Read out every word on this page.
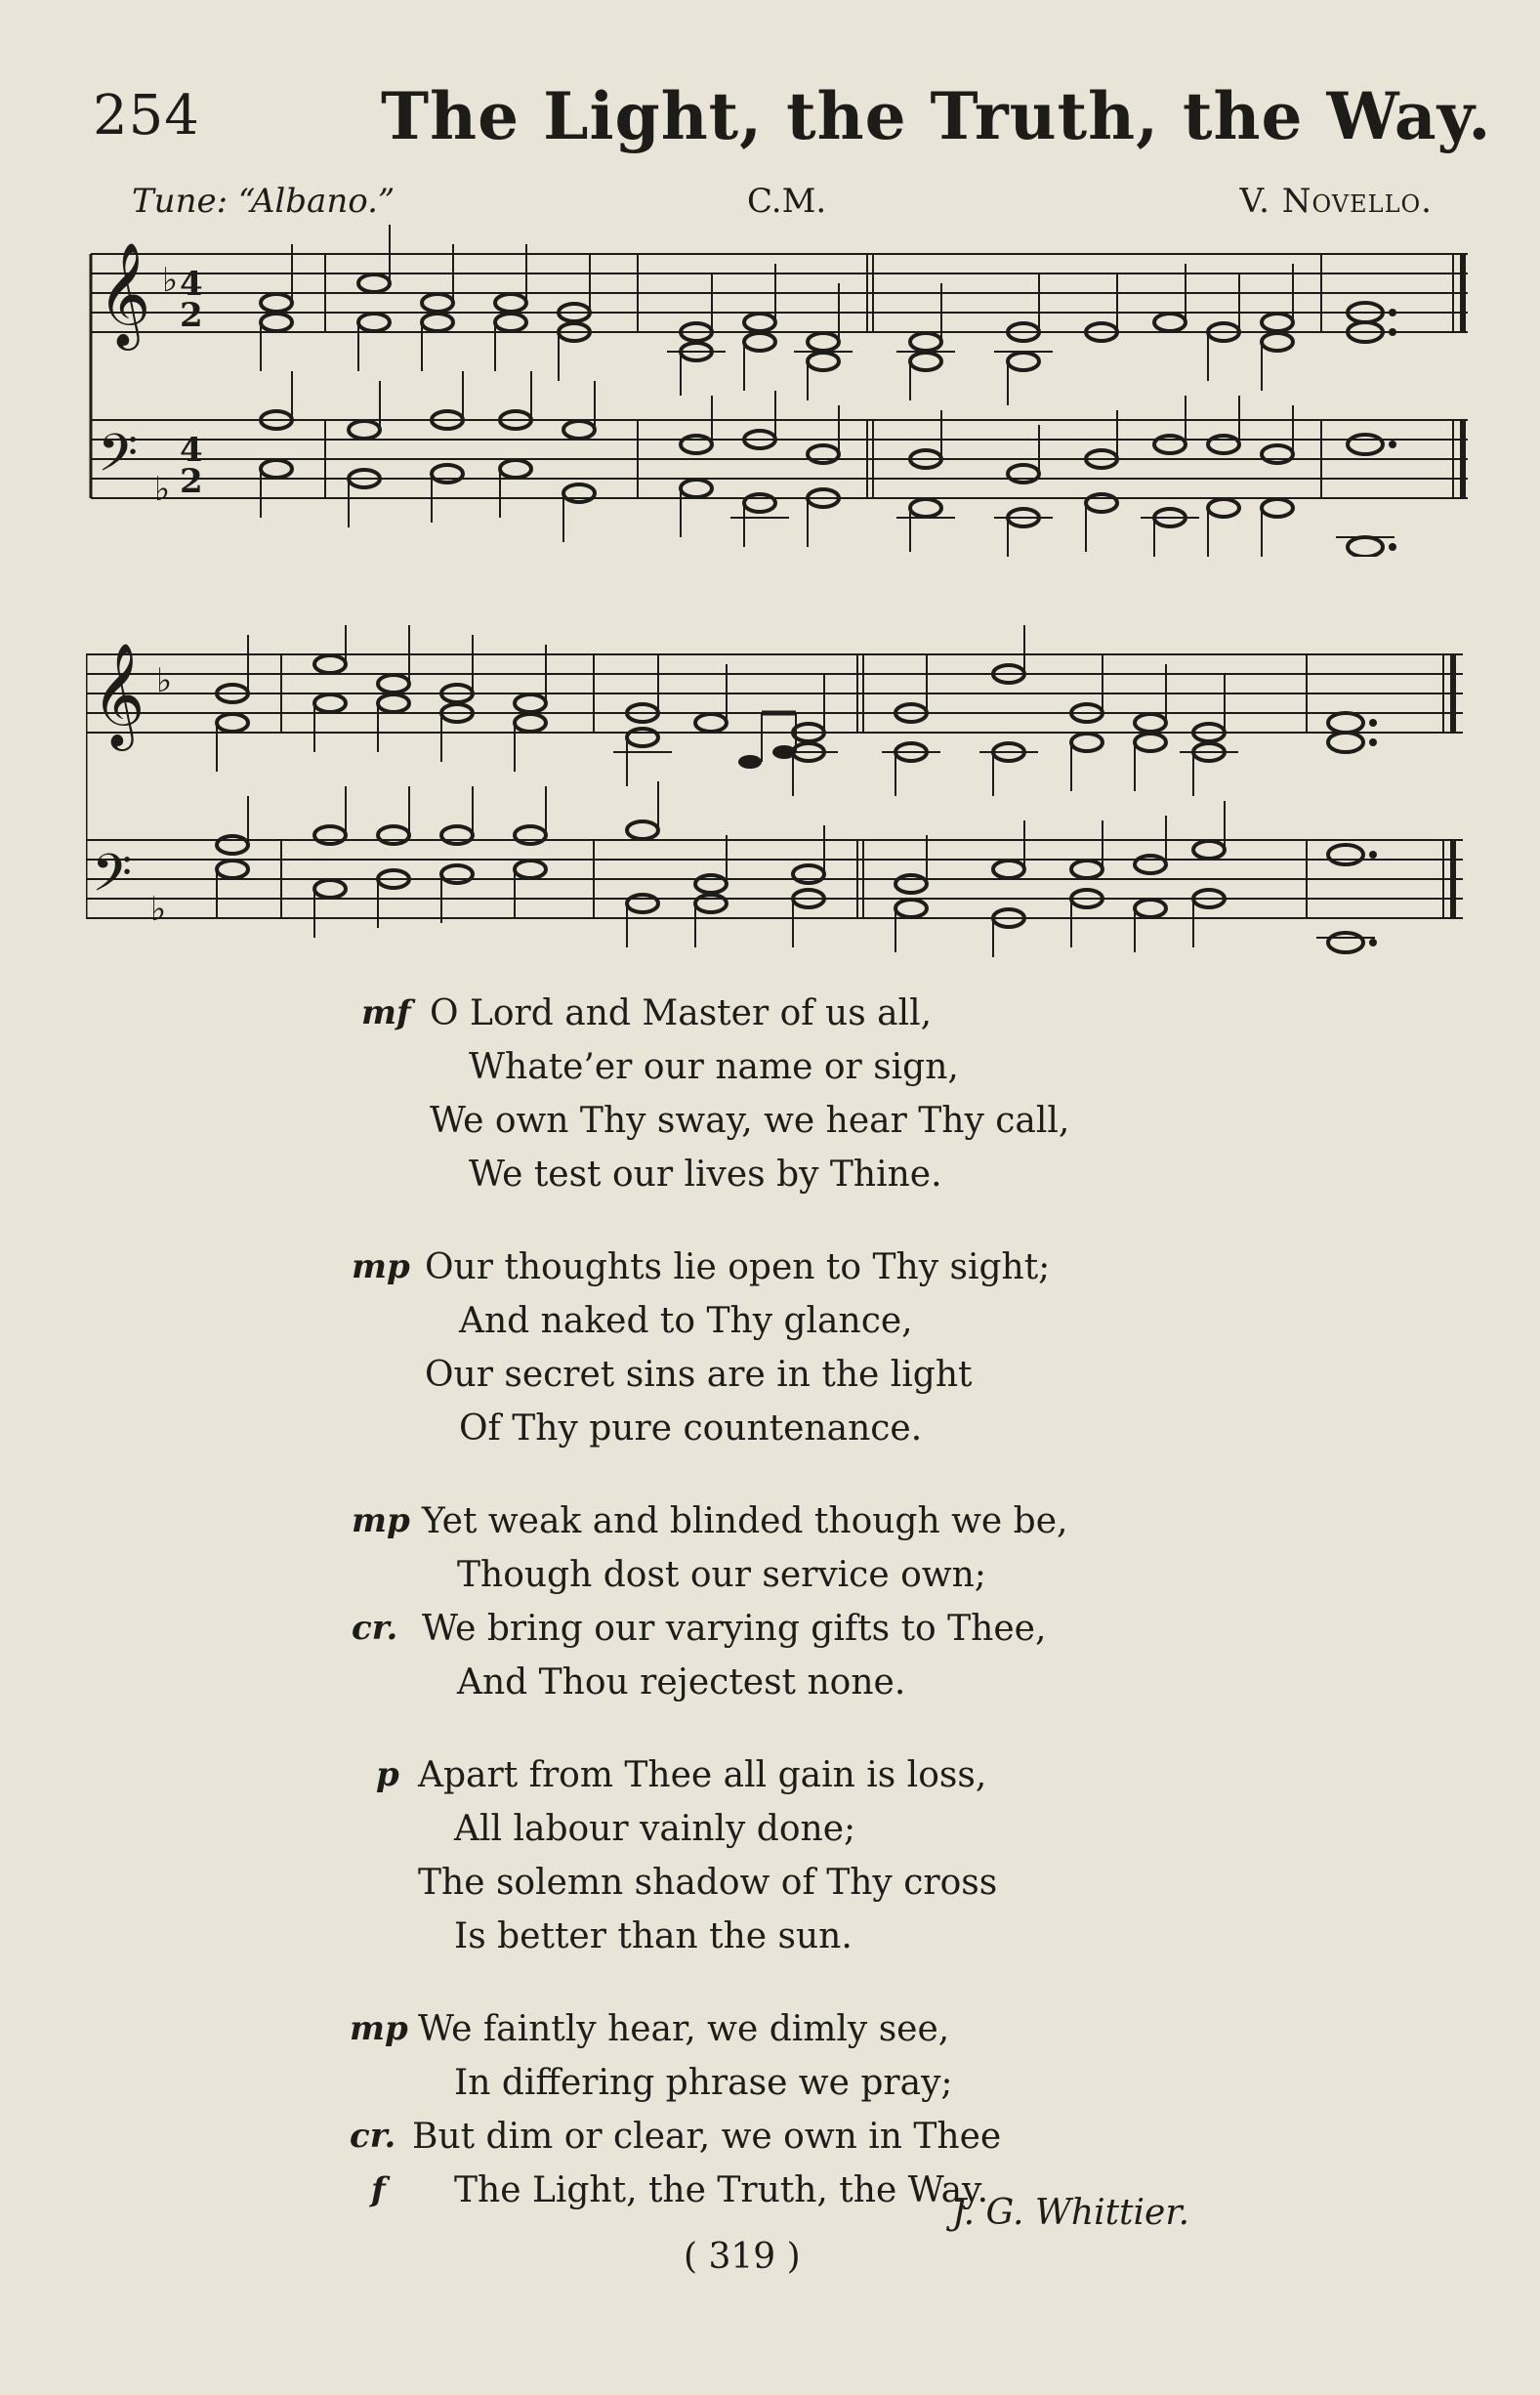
254	The Light, the Truth, the Way.
Tune: “Albano.”	C.M.	V. Novello.
𝄞 ♭ 4
2
𝄢 ♭
4
2
𝄞 ♭
𝄢 ♭
mf O Lord and Master of us all,
Whate’er our name or sign,
We own Thy sway, we hear Thy call,
We test our lives by Thine.
mp Our thoughts lie open to Thy sight;
And naked to Thy glance,
Our secret sins are in the light
Of Thy pure countenance.
mp Yet weak and blinded though we be,
Though dost our service own;
cr. We bring our varying gifts to Thee,
And Thou rejectest none.
p Apart from Thee all gain is loss,
All labour vainly done;
The solemn shadow of Thy cross
Is better than the sun.
mp We faintly hear, we dimly see,
In differing phrase we pray;
cr. But dim or clear, we own in Thee
f The Light, the Truth, the Way.
J. G. Whittier.
( 319 )
